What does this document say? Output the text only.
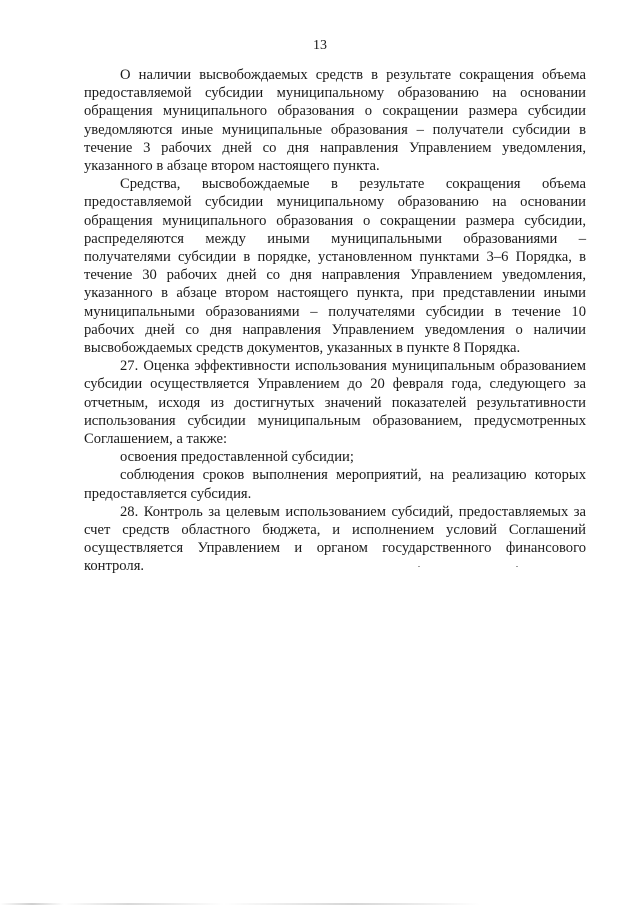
13

О наличии высвобождаемых средств в результате сокращения объема предоставляемой субсидии муниципальному образованию на основании обращения муниципального образования о сокращении размера субсидии уведомляются иные муниципальные образования – получатели субсидии в течение 3 рабочих дней со дня направления Управлением уведомления, указанного в абзаце втором настоящего пункта.

Средства, высвобождаемые в результате сокращения объема предоставляемой субсидии муниципальному образованию на основании обращения муниципального образования о сокращении размера субсидии, распределяются между иными муниципальными образованиями – получателями субсидии в порядке, установленном пунктами 3–6 Порядка, в течение 30 рабочих дней со дня направления Управлением уведомления, указанного в абзаце втором настоящего пункта, при представлении иными муниципальными образованиями – получателями субсидии в течение 10 рабочих дней со дня направления Управлением уведомления о наличии высвобождаемых средств документов, указанных в пункте 8 Порядка.

27. Оценка эффективности использования муниципальным образованием субсидии осуществляется Управлением до 20 февраля года, следующего за отчетным, исходя из достигнутых значений показателей результативности использования субсидии муниципальным образованием, предусмотренных Соглашением, а также:

освоения предоставленной субсидии;

соблюдения сроков выполнения мероприятий, на реализацию которых предоставляется субсидия.

28. Контроль за целевым использованием субсидий, предоставляемых за счет средств областного бюджета, и исполнением условий Соглашений осуществляется Управлением и органом государственного финансового контроля.
